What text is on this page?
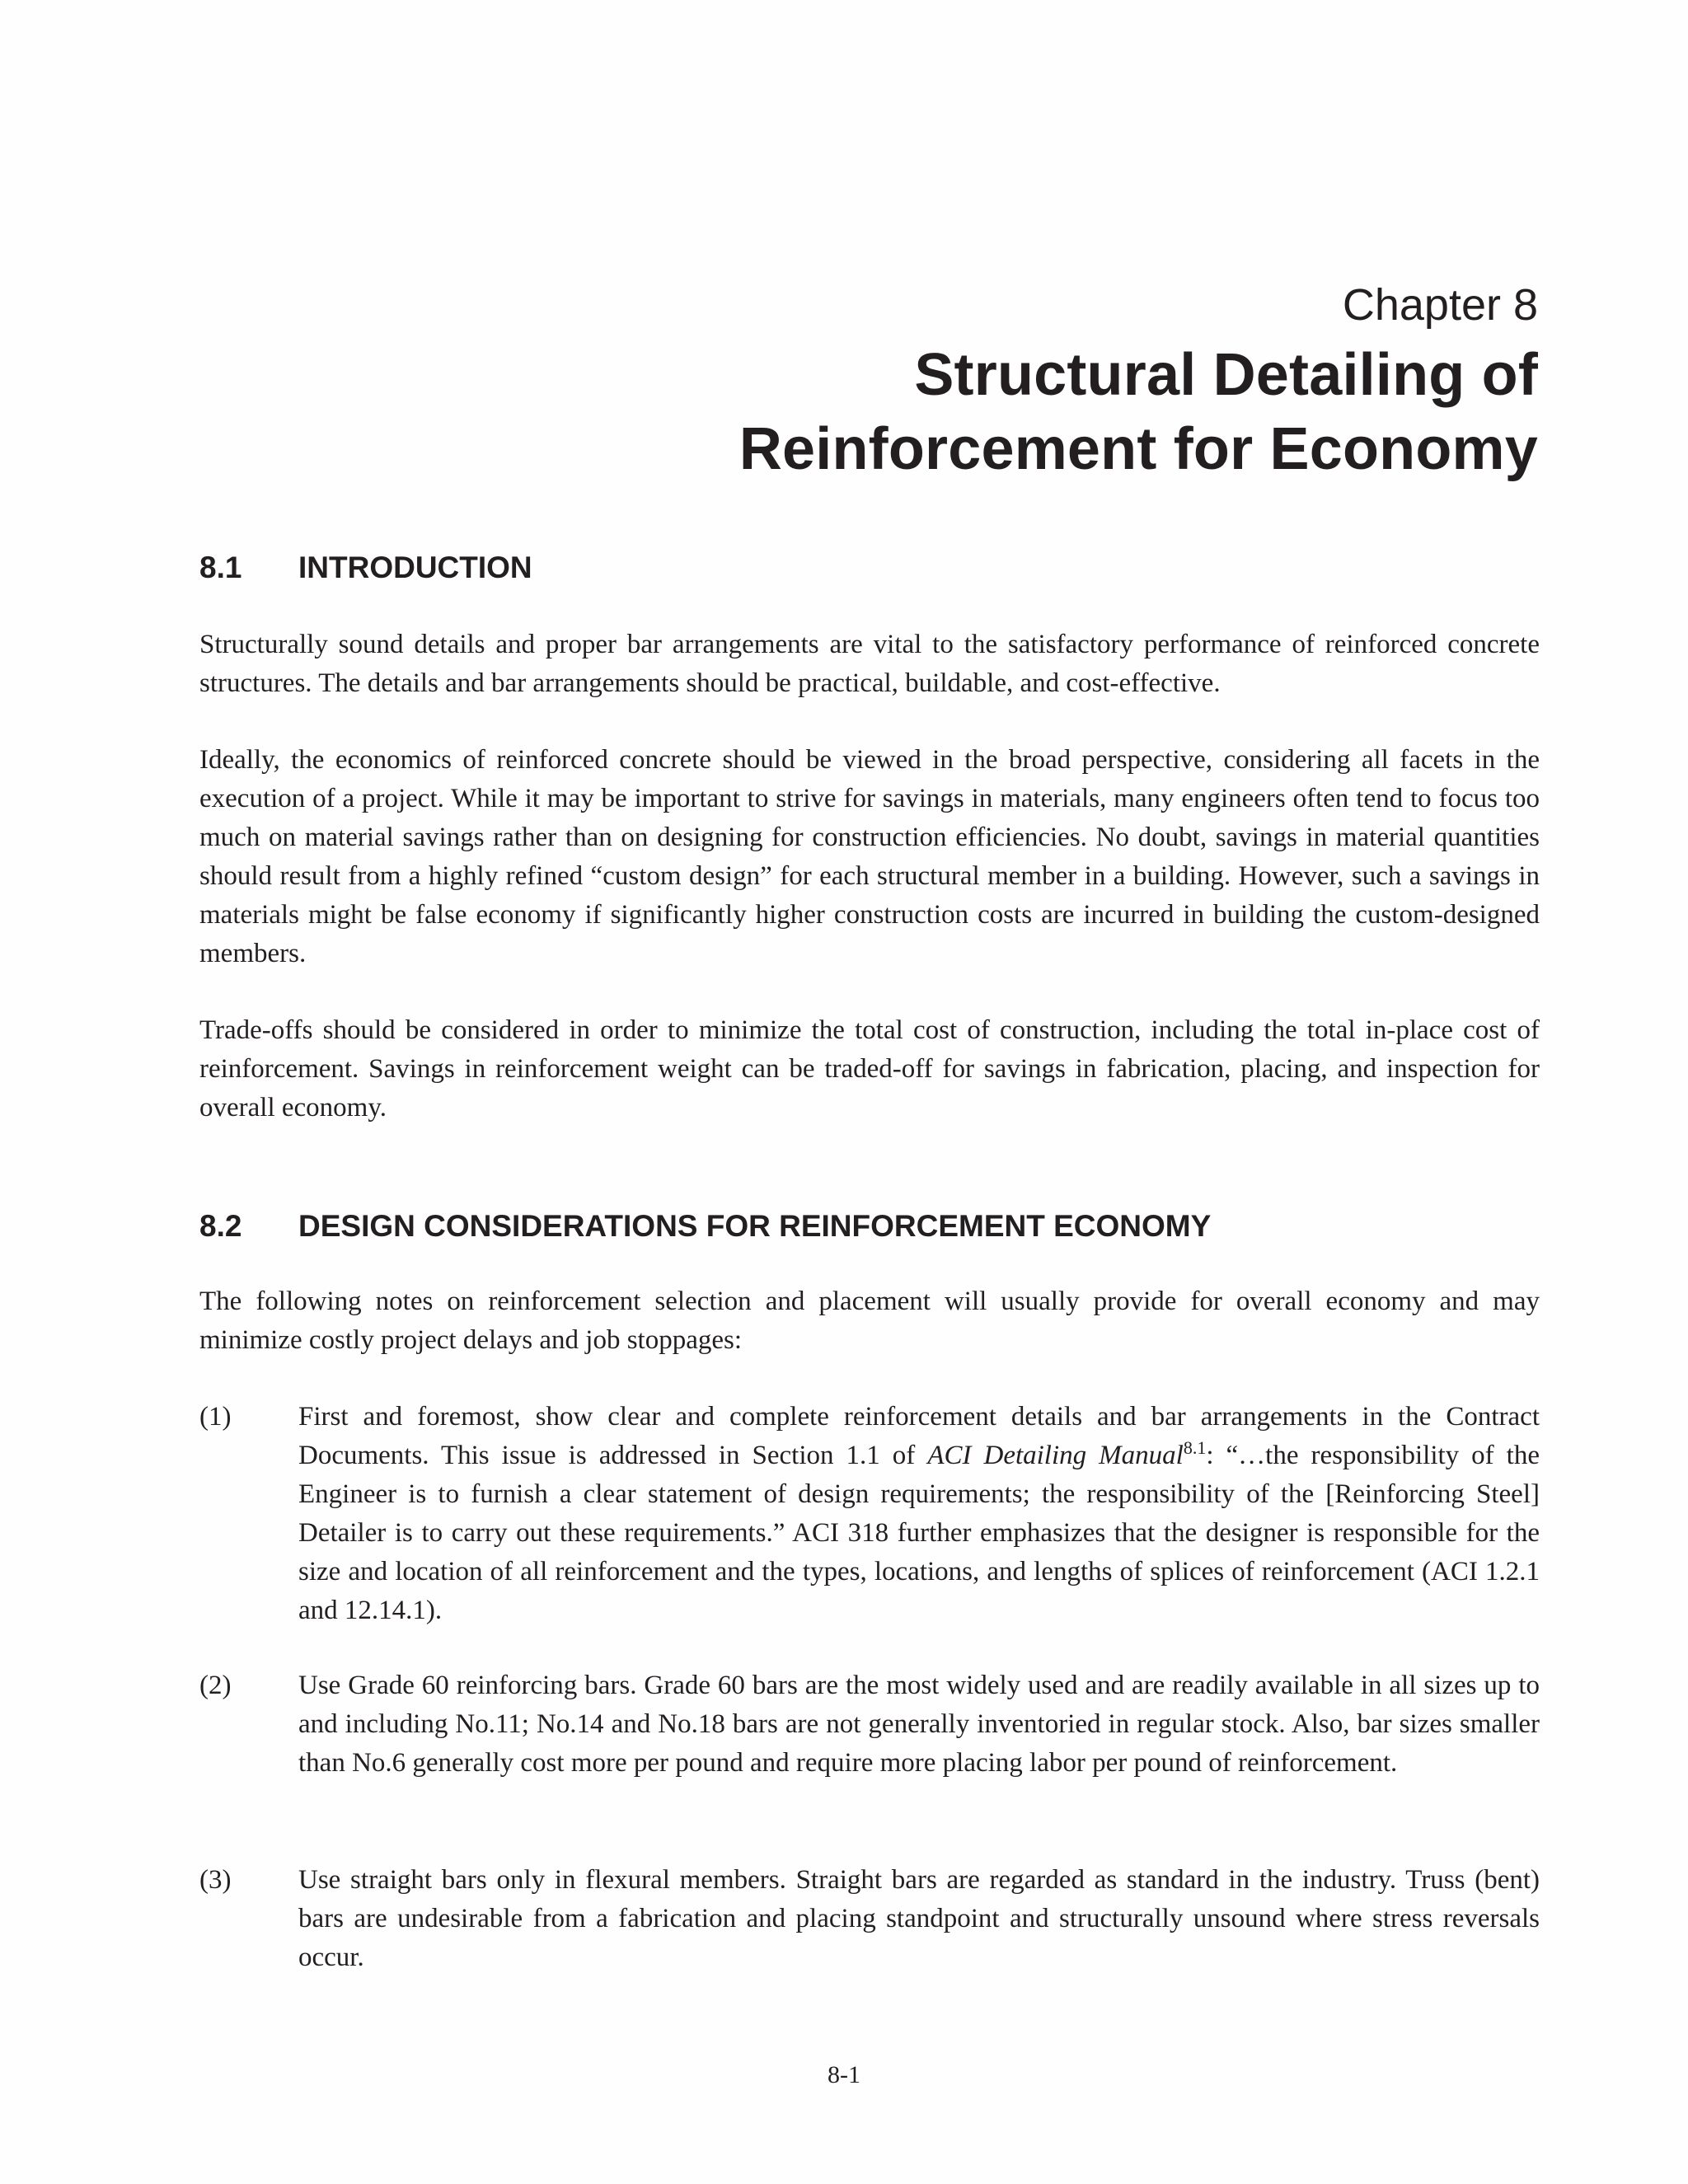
Chapter 8
Structural Detailing of
Reinforcement for Economy
8.1 INTRODUCTION

Structurally sound details and proper bar arrangements are vital to the satisfactory performance of reinforced concrete structures. The details and bar arrangements should be practical, buildable, and cost-effective.

Ideally, the economics of reinforced concrete should be viewed in the broad perspective, considering all facets in the execution of a project. While it may be important to strive for savings in materials, many engineers often tend to focus too much on material savings rather than on designing for construction efficiencies. No doubt, savings in material quantities should result from a highly refined “custom design” for each structural member in a building. However, such a savings in materials might be false economy if significantly higher construction costs are incurred in building the custom-designed members.

Trade-offs should be considered in order to minimize the total cost of construction, including the total in-place cost of reinforcement. Savings in reinforcement weight can be traded-off for savings in fabrication, placing, and inspection for overall economy.

8.2 DESIGN CONSIDERATIONS FOR REINFORCEMENT ECONOMY

The following notes on reinforcement selection and placement will usually provide for overall economy and may minimize costly project delays and job stoppages:

(1) First and foremost, show clear and complete reinforcement details and bar arrangements in the Contract Documents. This issue is addressed in Section 1.1 of ACI Detailing Manual$^{8.1}$: “…the responsibility of the Engineer is to furnish a clear statement of design requirements; the responsibility of the [Reinforcing Steel] Detailer is to carry out these requirements.” ACI 318 further emphasizes that the designer is responsible for the size and location of all reinforcement and the types, locations, and lengths of splices of reinforcement (ACI 1.2.1 and 12.14.1).
(2) Use Grade 60 reinforcing bars. Grade 60 bars are the most widely used and are readily available in all sizes up to and including No.11; No.14 and No.18 bars are not generally inventoried in regular stock. Also, bar sizes smaller than No.6 generally cost more per pound and require more placing labor per pound of reinforcement.
(3) Use straight bars only in flexural members. Straight bars are regarded as standard in the industry. Truss (bent) bars are undesirable from a fabrication and placing standpoint and structurally unsound where stress reversals occur.
8-1
